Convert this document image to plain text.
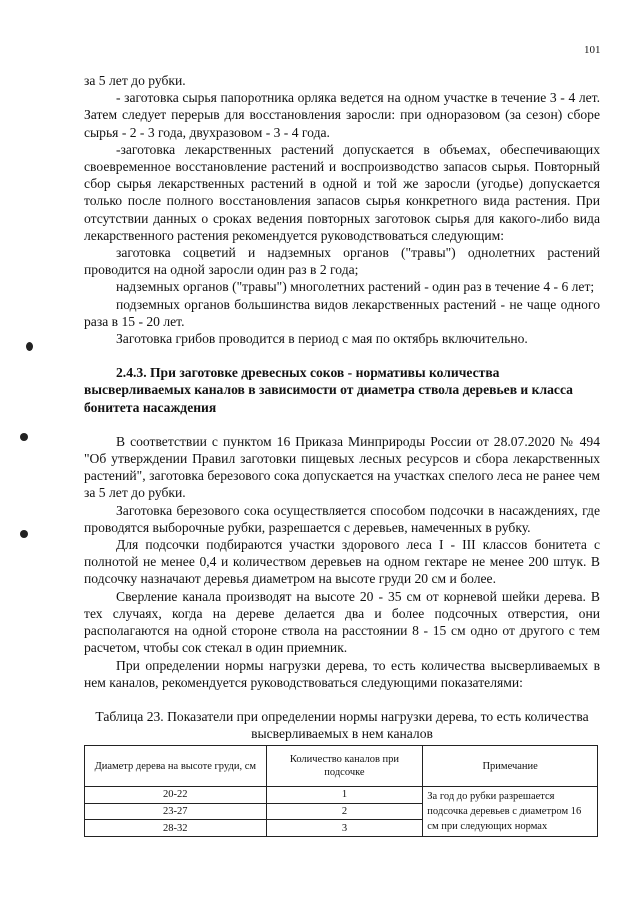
101

за 5 лет до рубки.

- заготовка сырья папоротника орляка ведется на одном участке в течение 3 - 4 лет. Затем следует перерыв для восстановления заросли: при одноразовом (за сезон) сборе сырья - 2 - 3 года, двухразовом - 3 - 4 года.

-заготовка лекарственных растений допускается в объемах, обеспечивающих своевременное восстановление растений и воспроизводство запасов сырья. Повторный сбор сырья лекарственных растений в одной и той же заросли (угодье) допускается только после полного восстановления запасов сырья конкретного вида растения. При отсутствии данных о сроках ведения повторных заготовок сырья для какого-либо вида лекарственного растения рекомендуется руководствоваться следующим:

заготовка соцветий и надземных органов ("травы") однолетних растений проводится на одной заросли один раз в 2 года;

надземных органов ("травы") многолетних растений - один раз в течение 4 - 6 лет;

подземных органов большинства видов лекарственных растений - не чаще одного раза в 15 - 20 лет.

Заготовка грибов проводится в период с мая по октябрь включительно.

2.4.3. При заготовке древесных соков - нормативы количества высверливаемых каналов в зависимости от диаметра ствола деревьев и класса бонитета насаждения

В соответствии с пунктом 16 Приказа Минприроды России от 28.07.2020 № 494 "Об утверждении Правил заготовки пищевых лесных ресурсов и сбора лекарственных растений", заготовка березового сока допускается на участках спелого леса не ранее чем за 5 лет до рубки.

Заготовка березового сока осуществляется способом подсочки в насаждениях, где проводятся выборочные рубки, разрешается с деревьев, намеченных в рубку.

Для подсочки подбираются участки здорового леса I - III классов бонитета с полнотой не менее 0,4 и количеством деревьев на одном гектаре не менее 200 штук. В подсочку назначают деревья диаметром на высоте груди 20 см и более.

Сверление канала производят на высоте 20 - 35 см от корневой шейки дерева. В тех случаях, когда на дереве делается два и более подсочных отверстия, они располагаются на одной стороне ствола на расстоянии 8 - 15 см одно от другого с тем расчетом, чтобы сок стекал в один приемник.

При определении нормы нагрузки дерева, то есть количества высверливаемых в нем каналов, рекомендуется руководствоваться следующими показателями:

Таблица 23. Показатели при определении нормы нагрузки дерева, то есть количества высверливаемых в нем каналов
Диаметр дерева на высоте груди, см	Количество каналов при подсочке	Примечание
20-22	1	За год до рубки разрешается подсочка деревьев с диаметром 16 см при следующих нормах
23-27	2	
28-32	3	
